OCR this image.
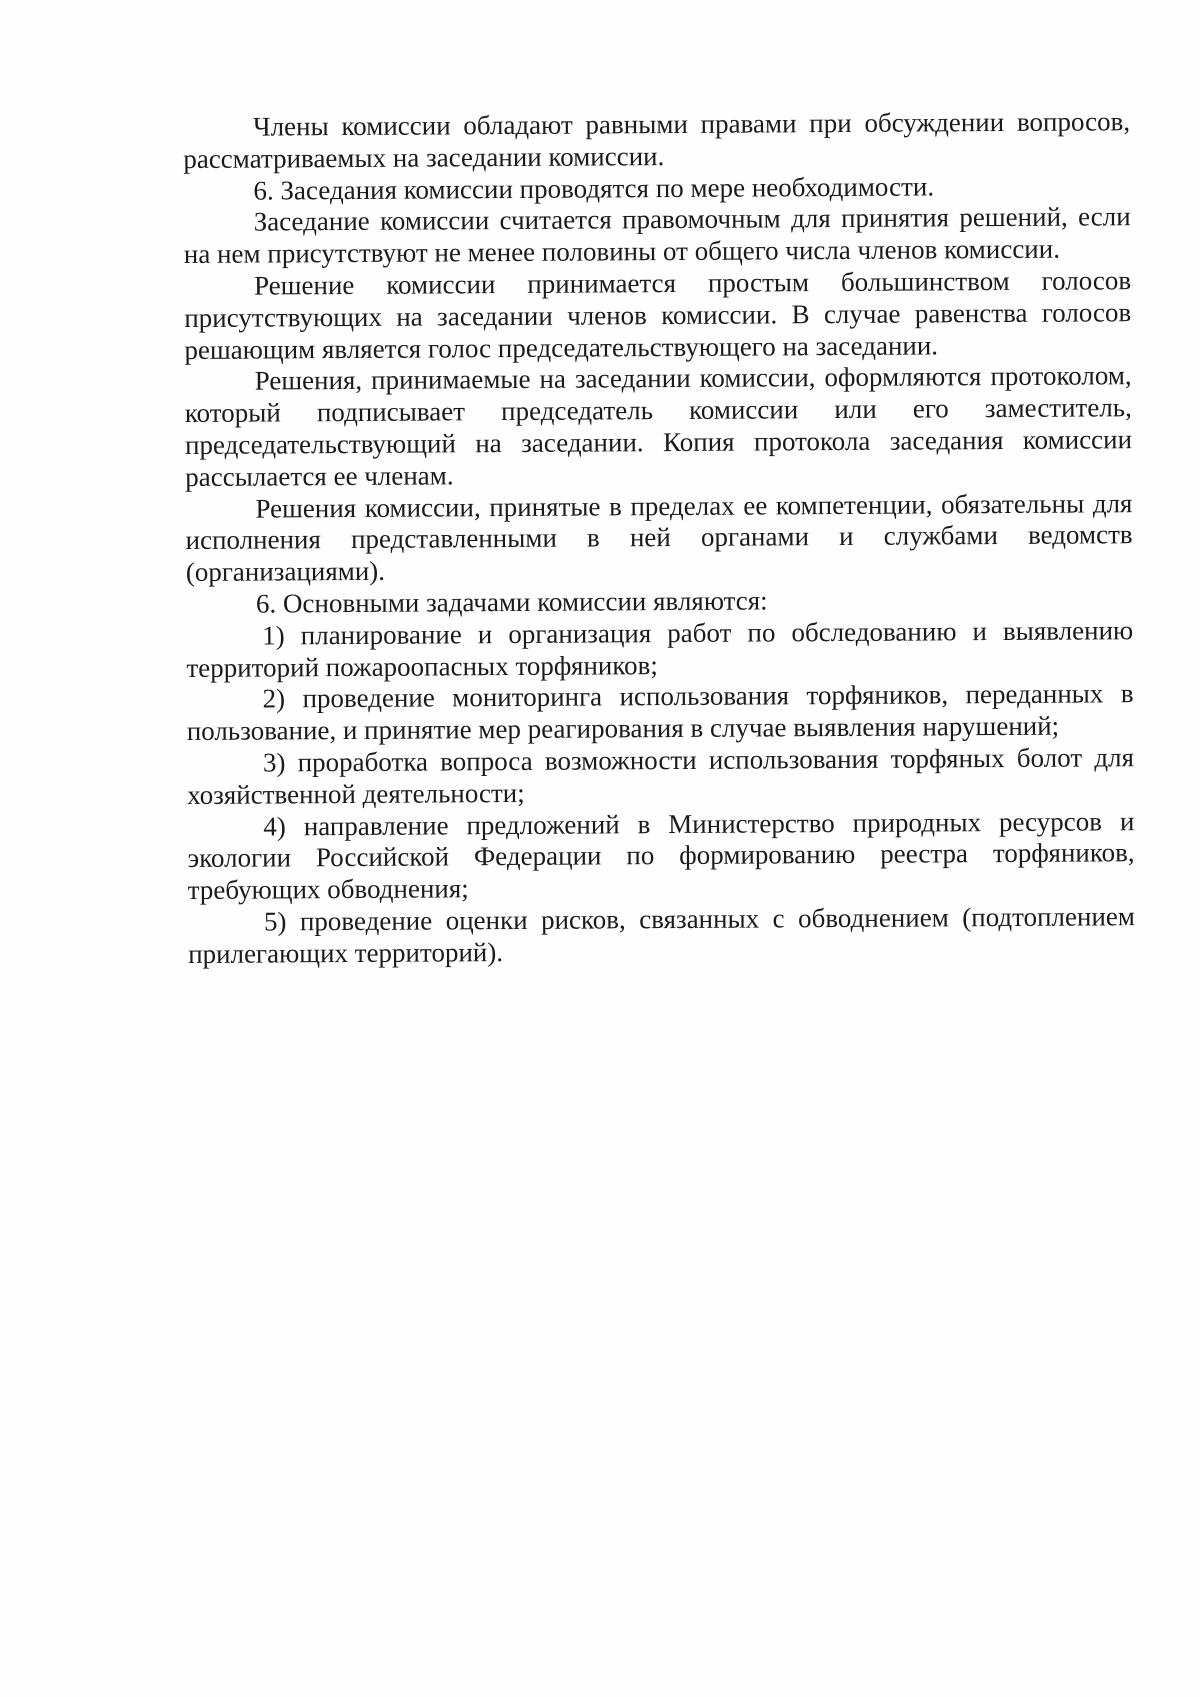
Члены комиссии обладают равными правами при обсуждении вопросов, рассматриваемых на заседании комиссии.

6. Заседания комиссии проводятся по мере необходимости.

Заседание комиссии считается правомочным для принятия решений, если на нем присутствуют не менее половины от общего числа членов комиссии.

Решение комиссии принимается простым большинством голосов присутствующих на заседании членов комиссии. В случае равенства голосов решающим является голос председательствующего на заседании.

Решения, принимаемые на заседании комиссии, оформляются протоколом, который подписывает председатель комиссии или его заместитель, председательствующий на заседании. Копия протокола заседания комиссии рассылается ее членам.

Решения комиссии, принятые в пределах ее компетенции, обязательны для исполнения представленными в ней органами и службами ведомств (организациями).

6. Основными задачами комиссии являются:

1) планирование и организация работ по обследованию и выявлению территорий пожароопасных торфяников;

2) проведение мониторинга использования торфяников, переданных в пользование, и принятие мер реагирования в случае выявления нарушений;

3) проработка вопроса возможности использования торфяных болот для хозяйственной деятельности;

4) направление предложений в Министерство природных ресурсов и экологии Российской Федерации по формированию реестра торфяников, требующих обводнения;

5) проведение оценки рисков, связанных с обводнением (подтоплением прилегающих территорий).
